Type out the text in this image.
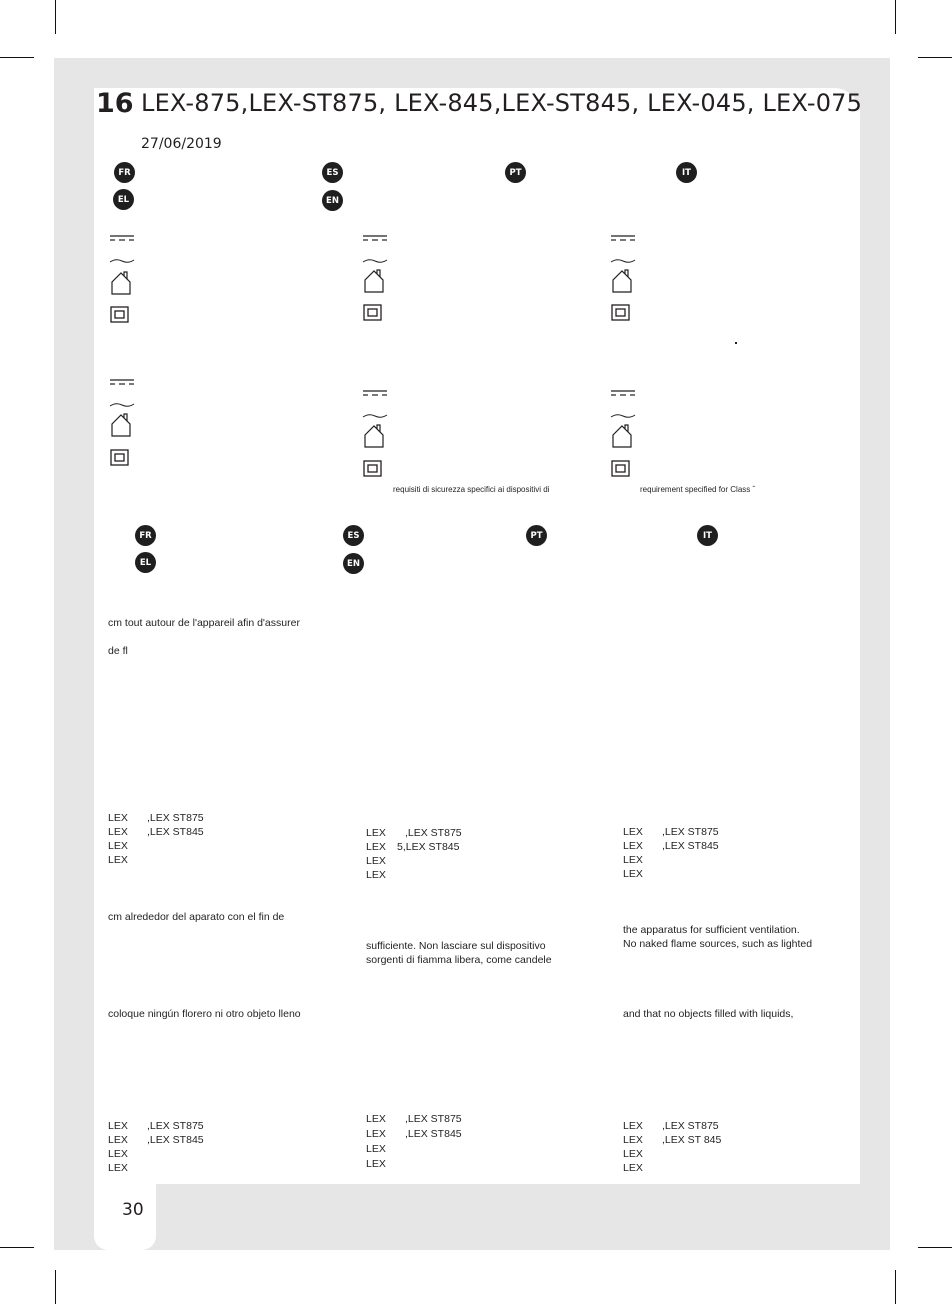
16 LEX-875,LEX-ST875, LEX-845,LEX-ST845, LEX-045, LEX-075
27/06/2019
FR	ES	PT	IT
EL	EN
requisiti di sicurezza specifici ai dispositivi di	requirement specified for Class ˆ
FR	ES	PT	IT
EL	EN
cm tout autour de l'appareil afin d'assurer
de fl
LEX ,LEX ST875
LEX ,LEX ST845
LEX
LEX
LEX ,LEX ST875
LEX 5,LEX ST845
LEX
LEX
LEX ,LEX ST875
LEX ,LEX ST845
LEX
LEX
cm alrededor del aparato con el fin de
the apparatus for sufficient ventilation.
sufficiente. Non lasciare sul dispositivo	No naked flame sources, such as lighted
sorgenti di fiamma libera, come candele
coloque ningún florero ni otro objeto lleno	and that no objects filled with liquids,
LEX ,LEX ST875
LEX ,LEX ST845
LEX
LEX
LEX ,LEX ST875
LEX ,LEX ST845
LEX
LEX
LEX ,LEX ST875
LEX ,LEX ST 845
LEX
LEX
30
